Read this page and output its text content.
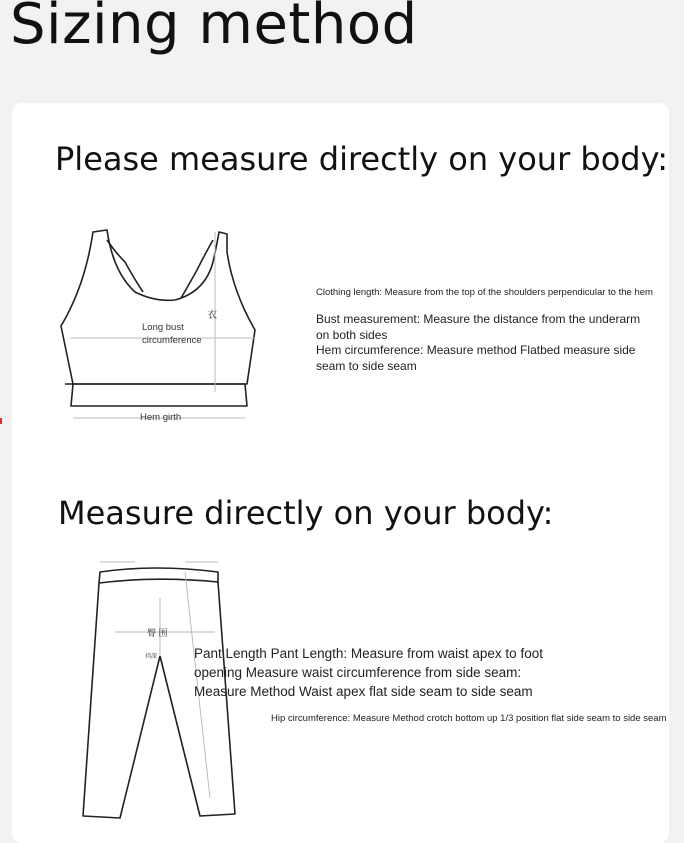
Sizing method
Please measure directly on your body:
Long bust circumference
衣
Hem girth
Clothing length: Measure from the top of the shoulders perpendicular to the hem
Bust measurement: Measure the distance from the underarm on both sides
Hem circumference: Measure method Flatbed measure side seam to side seam
Measure directly on your body:
臀 围
裆深	Pant Length Pant Length: Measure from waist apex to foot opening Measure waist circumference from side seam: Measure Method Waist apex flat side seam to side seam
Hip circumference: Measure Method crotch bottom up 1/3 position flat side seam to side seam
